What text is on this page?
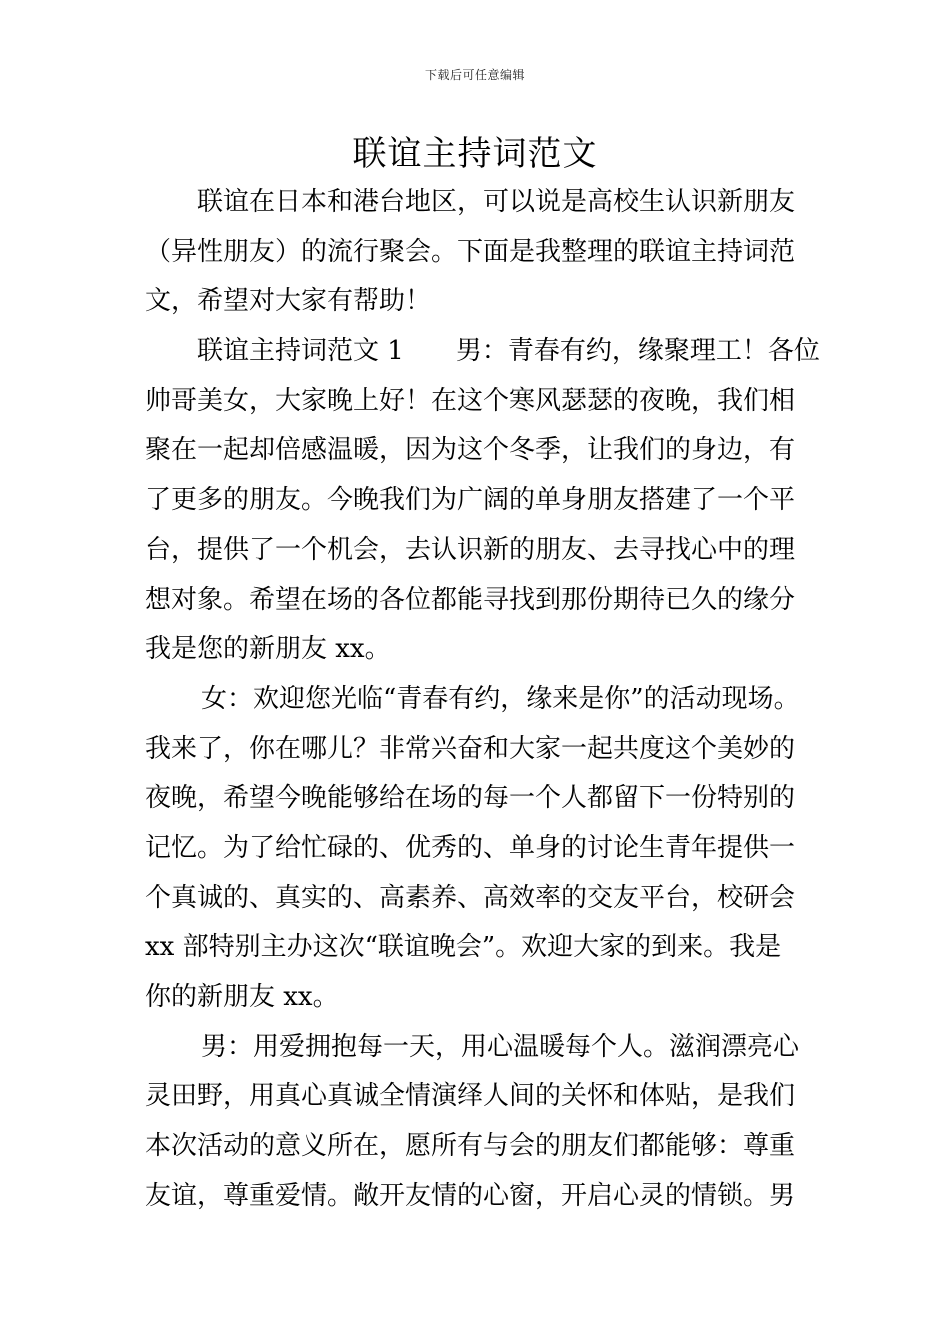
下载后可任意编辑
联谊主持词范文
联谊在日本和港台地区，可以说是高校生认识新朋友
（异性朋友）的流行聚会。下面是我整理的联谊主持词范
文，希望对大家有帮助！
联谊主持词范文 1 男：青春有约，缘聚理工！各位
帅哥美女，大家晚上好！在这个寒风瑟瑟的夜晚，我们相
聚在一起却倍感温暖，因为这个冬季，让我们的身边，有
了更多的朋友。今晚我们为广阔的单身朋友搭建了一个平
台，提供了一个机会，去认识新的朋友、去寻找心中的理
想对象。希望在场的各位都能寻找到那份期待已久的缘分
我是您的新朋友 xx。
女：欢迎您光临“青春有约，缘来是你”的活动现场。
我来了，你在哪儿？非常兴奋和大家一起共度这个美妙的
夜晚，希望今晚能够给在场的每一个人都留下一份特别的
记忆。为了给忙碌的、优秀的、单身的讨论生青年提供一
个真诚的、真实的、高素养、高效率的交友平台，校研会
xx 部特别主办这次“联谊晚会”。欢迎大家的到来。我是
你的新朋友 xx。
男：用爱拥抱每一天，用心温暖每个人。滋润漂亮心
灵田野，用真心真诚全情演绎人间的关怀和体贴，是我们
本次活动的意义所在，愿所有与会的朋友们都能够：尊重
友谊，尊重爱情。敞开友情的心窗，开启心灵的情锁。男
